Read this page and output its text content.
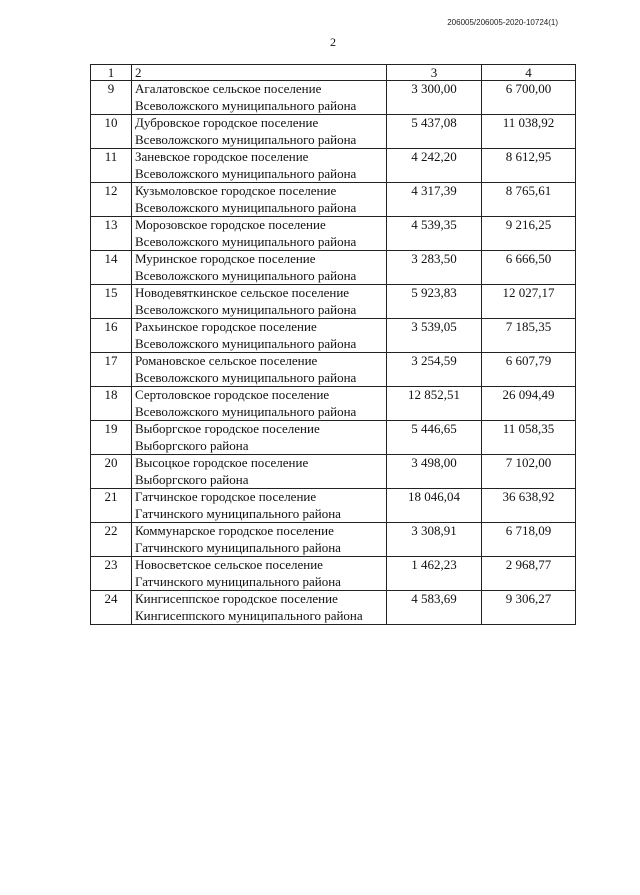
206005/206005-2020-10724(1)
2
1	2	3	4
9	Агалатовское сельское поселение Всеволожского муниципального района	3 300,00	6 700,00
10	Дубровское городское поселение Всеволожского муниципального района	5 437,08	11 038,92
11	Заневское городское поселение Всеволожского муниципального района	4 242,20	8 612,95
12	Кузьмоловское городское поселение Всеволожского муниципального района	4 317,39	8 765,61
13	Морозовское городское поселение Всеволожского муниципального района	4 539,35	9 216,25
14	Муринское городское поселение Всеволожского муниципального района	3 283,50	6 666,50
15	Новодевяткинское сельское поселение Всеволожского муниципального района	5 923,83	12 027,17
16	Рахьинское городское поселение Всеволожского муниципального района	3 539,05	7 185,35
17	Романовское сельское поселение Всеволожского муниципального района	3 254,59	6 607,79
18	Сертоловское городское поселение Всеволожского муниципального района	12 852,51	26 094,49
19	Выборгское городское поселение Выборгского района	5 446,65	11 058,35
20	Высоцкое городское поселение Выборгского района	3 498,00	7 102,00
21	Гатчинское городское поселение Гатчинского муниципального района	18 046,04	36 638,92
22	Коммунарское городское поселение Гатчинского муниципального района	3 308,91	6 718,09
23	Новосветское сельское поселение Гатчинского муниципального района	1 462,23	2 968,77
24	Кингисеппское городское поселение Кингисеппского муниципального района	4 583,69	9 306,27
